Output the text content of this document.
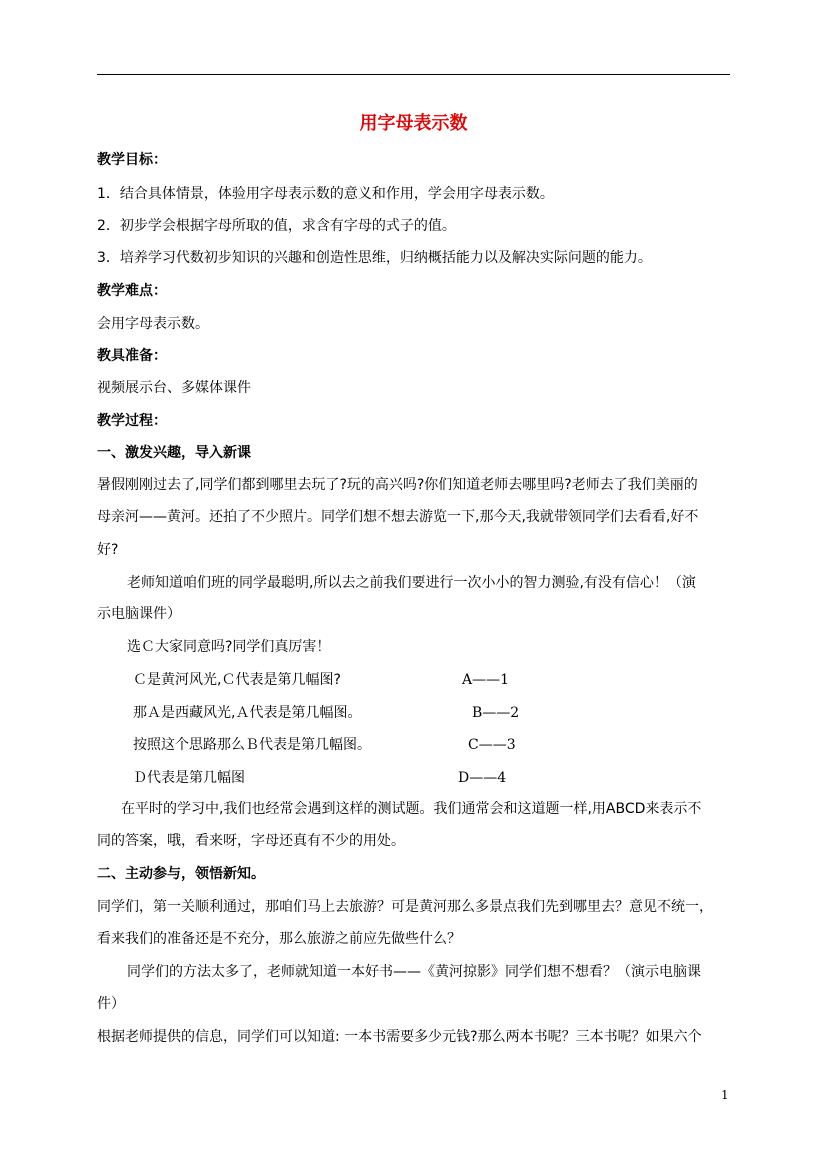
用字母表示数
教学目标：
1．结合具体情景，体验用字母表示数的意义和作用，学会用字母表示数。
2．初步学会根据字母所取的值，求含有字母的式子的值。
3．培养学习代数初步知识的兴趣和创造性思维，归纳概括能力以及解决实际问题的能力。
教学难点：
会用字母表示数。
教具准备：
视频展示台、多媒体课件
教学过程：
一、激发兴趣，导入新课
暑假刚刚过去了,同学们都到哪里去玩了?玩的高兴吗?你们知道老师去哪里吗?老师去了我们美丽的
母亲河——黄河。还拍了不少照片。同学们想不想去游览一下,那今天,我就带领同学们去看看,好不
好?
老师知道咱们班的同学最聪明,所以去之前我们要进行一次小小的智力测验,有没有信心！（演
示电脑课件）
选Ｃ大家同意吗?同学们真厉害！
Ｃ是黄河风光,Ｃ代表是第几幅图?	A——1
那Ａ是西藏风光,Ａ代表是第几幅图。	B——2
按照这个思路那么Ｂ代表是第几幅图。	C——3
Ｄ代表是第几幅图	D——4
在平时的学习中,我们也经常会遇到这样的测试题。我们通常会和这道题一样,用ABCD来表示不
同的答案，哦，看来呀，字母还真有不少的用处。
二、主动参与，领悟新知。
同学们，第一关顺利通过，那咱们马上去旅游？可是黄河那么多景点我们先到哪里去？意见不统一，
看来我们的准备还是不充分，那么旅游之前应先做些什么？
同学们的方法太多了，老师就知道一本好书——《黄河掠影》同学们想不想看？（演示电脑课
件）
根据老师提供的信息，同学们可以知道: 一本书需要多少元钱?那么两本书呢？三本书呢？如果六个
1
